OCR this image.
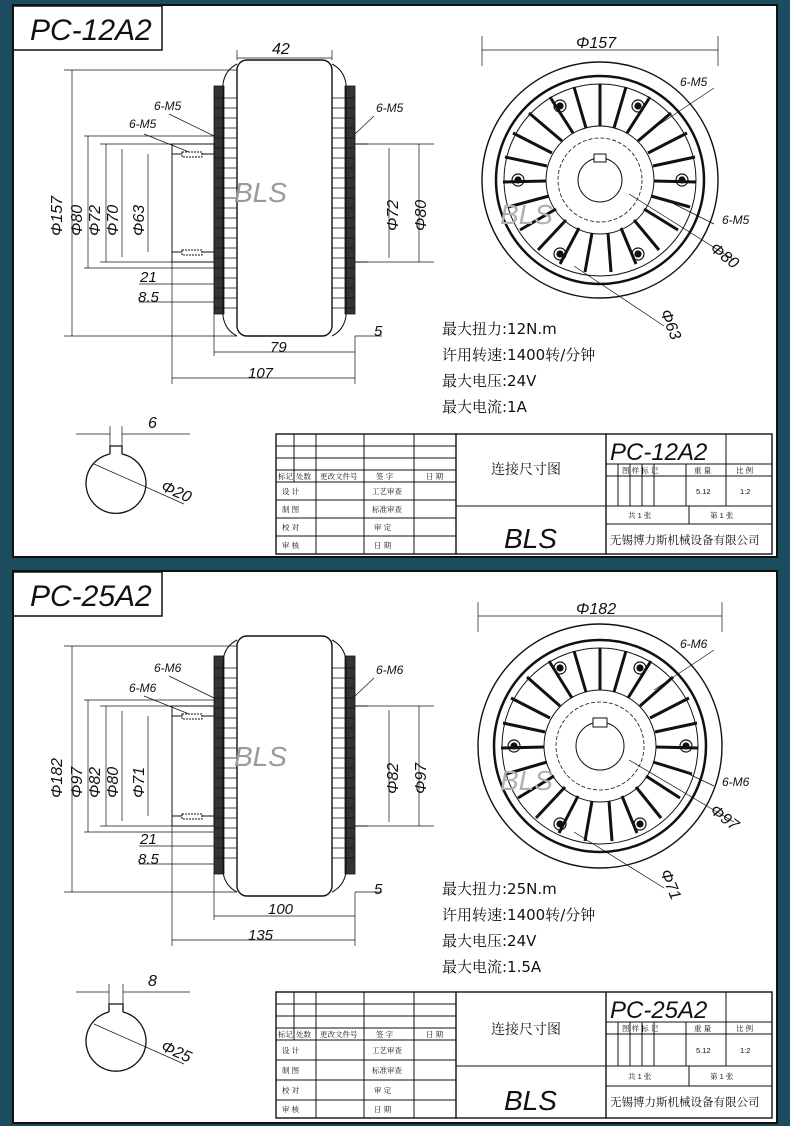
PC-12A2
42
6-M5
6-M5
6-M5
Φ157 Φ80 Φ72 Φ70 Φ63	Φ72 Φ80
BLS
21
8.5
79
107
5
Φ157
6-M5
6-M5
Φ80
Φ63
BLS
最大扭力:12N.m
许用转速:1400转/分钟
最大电压:24V
最大电流:1A
6
Φ20
标记 处数 更改文件号 签 字	日 期
设 计	工艺审查
制 图	标准审查
校 对	审 定
审 核	日 期
连接尺寸图
PC-12A2
图 样 标 记	重 量	比 例
5.12	1:2
共 1 张	第 1 张
BLS	无锡博力斯机械设备有限公司
PC-25A2
6-M6
6-M6
6-M6
Φ182 Φ97 Φ82 Φ80 Φ71	Φ82 Φ97
BLS
21
8.5
100
135
5
Φ182
6-M6
6-M6
Φ97
Φ71
BLS
最大扭力:25N.m
许用转速:1400转/分钟
最大电压:24V
最大电流:1.5A
8
Φ25
标记 处数 更改文件号 签 字	日 期
设 计	工艺审查
制 图	标准审查
校 对	审 定
审 核	日 期
连接尺寸图
PC-25A2
图 样 标 记	重 量	比 例
5.12	1:2
共 1 张	第 1 张
BLS	无锡博力斯机械设备有限公司
